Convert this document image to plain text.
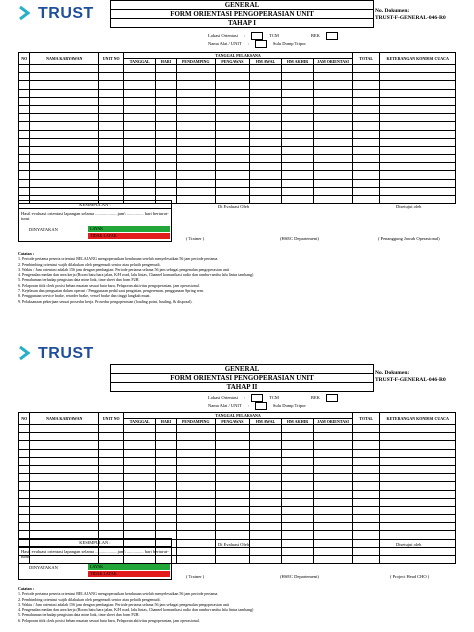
TRUST	GENERAL
FORM ORIENTASI PENGOPERASIAN UNIT
TAHAP I
No. Dokumen:
TRUST-F-GENERAL-046-R0
Lokasi Orientasi :	TCM	BEK
Nama Alat / UNIT :	Sulu Dump Tripor
NO	NAMA KARYAWAN	UNIT NO	TANGGAL PELAKSANA							TOTAL	KETERANGAN KONDISI CUACA
			TANGGAL	HARI	PENDAMPING	PENGAWAS	HM AWAL	HM AKHIR	JAM ORIENTASI		

KESIMPULAN :
Hasil evaluasi orientasi lapangan selama ....................jam\ ............... hari berturut-turut
DINYATAKAN	LAYAK
TIDAK LAYAK
Di Evaluasi Oleh	Disetujui oleh
( Trainer )	(HSEC Departement)	( Penanggung Jawab Operasional)
Catatan :
1. Periode pertama peserta orientasi BELAJANG mengoperasikan kendaraan setelah menyelesaikan 56 jam periode pertama.
2. Pembimbing orientasi wajib dilakukan oleh pengemudi senior atau pelatih pengemudi.
3. Waktu / Jam orientasi adalah 156 jam dengan pembagian: Periode pertama selama 56 jam sebagai pengenalan pengoperasian unit
4. Pengenalan medan dan area kerja (Room batu bara jalan, K/H road, lalu lintas, Channel komunikasi radio dan rambu-rambu lalu lintas tambang)
5. Pemahaman terhadap pengisian data mine link, time sheet dan form P2H.
6. Pelaporan titik clerk posisi beban muatan sesuai batu bara, Pelaporan aktivitas pengoperasian, jam operasional.
7. Kejelasan dan penguatan dalam operasi / Penggunaan pedal saat pengisian, pengereman, penggunaan Spring rem.
8. Penggunaan service brake, retarder brake, vessel brake dan tinggi langkah muat.
9. Pelaksanaan pekerjaan sesuai prosedur kerja. Prosedur pengoperasian (loading point, hauling, & disposal).
TRUST
GENERAL
FORM ORIENTASI PENGOPERASIAN UNIT
TAHAP II
No. Dokumen:
TRUST-F-GENERAL-046-R0
Lokasi Orientasi :	TCM	BEK
Nama Alat / UNIT :	Sulu Dump Tripor
NO	NAMA KARYAWAN	UNIT NO	TANGGAL PELAKSANA							TOTAL	KETERANGAN KONDISI CUACA
			TANGGAL	HARI	PENDAMPING	PENGAWAS	HM AWAL	HM AKHIR	JAM ORIENTASI		

KESIMPULAN :
Hasil evaluasi orientasi lapangan selama ....................jam\ ............... hari berturut-turut
DINYATAKAN	LAYAK
TIDAK LAYAK
Di Evaluasi Oleh	Disetujui oleh
( Trainer )	(HSEC Departement)	( Project Head CHO )
Catatan :
1. Periode pertama peserta orientasi BELAJANG mengoperasikan kendaraan setelah menyelesaikan 56 jam periode pertama.
2. Pembimbing orientasi wajib dilakukan oleh pengemudi senior atau pelatih pengemudi.
3. Waktu / Jam orientasi adalah 156 jam dengan pembagian: Periode pertama selama 56 jam sebagai pengenalan pengoperasian unit
4. Pengenalan medan dan area kerja (Room batu bara jalan, K/H road, lalu lintas, Channel komunikasi radio dan rambu-rambu lalu lintas tambang)
5. Pemahaman terhadap pengisian data mine link, time sheet dan form P2H.
6. Pelaporan titik clerk posisi beban muatan sesuai batu bara, Pelaporan aktivitas pengoperasian, jam operasional.
